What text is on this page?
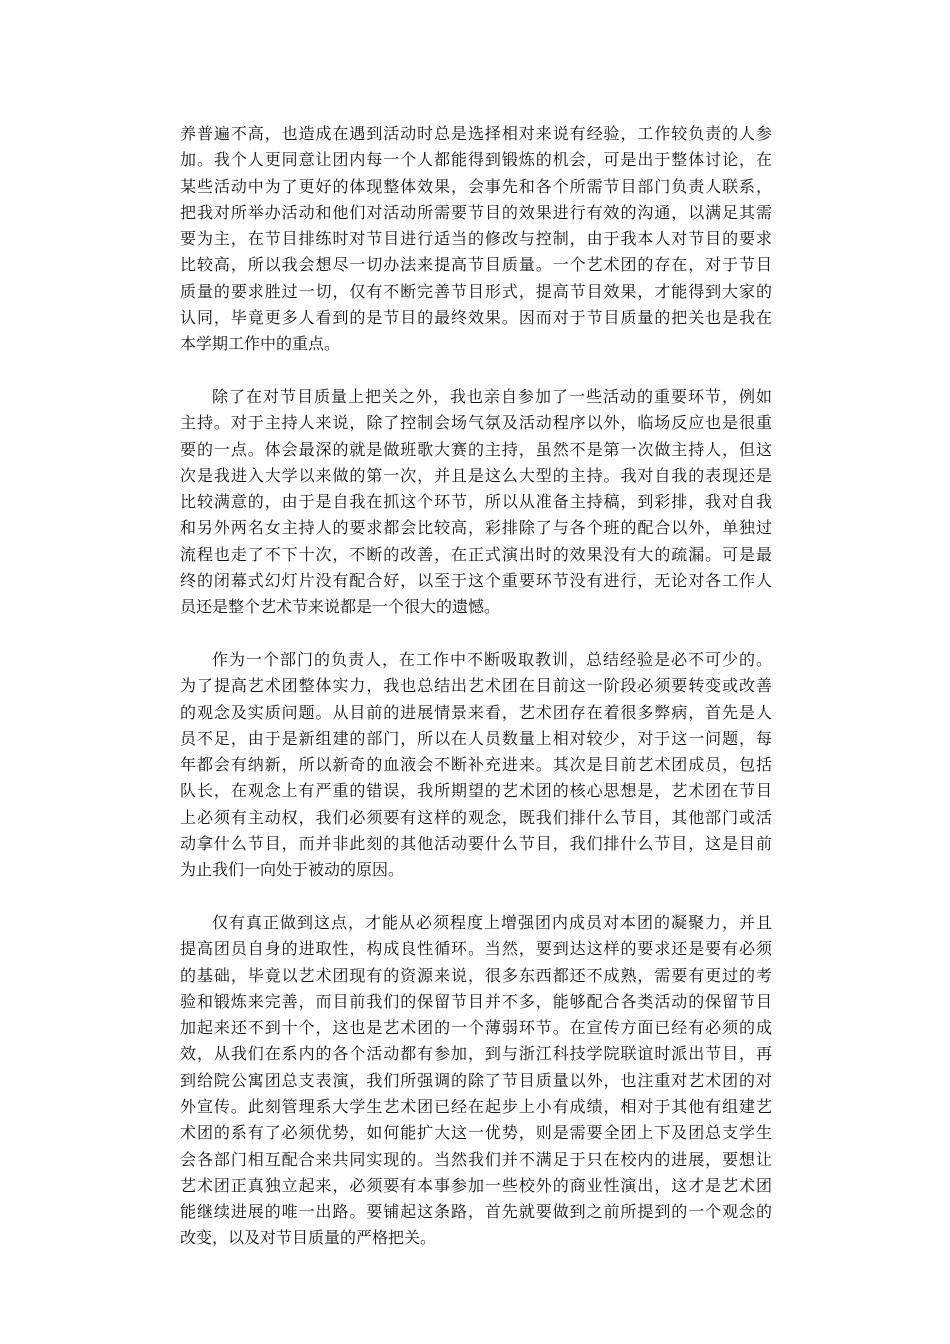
养普遍不高，也造成在遇到活动时总是选择相对来说有经验，工作较负责的人参
加。我个人更同意让团内每一个人都能得到锻炼的机会，可是出于整体讨论，在
某些活动中为了更好的体现整体效果，会事先和各个所需节目部门负责人联系，
把我对所举办活动和他们对活动所需要节目的效果进行有效的沟通，以满足其需
要为主，在节目排练时对节目进行适当的修改与控制，由于我本人对节目的要求
比较高，所以我会想尽一切办法来提高节目质量。一个艺术团的存在，对于节目
质量的要求胜过一切，仅有不断完善节目形式，提高节目效果，才能得到大家的
认同，毕竟更多人看到的是节目的最终效果。因而对于节目质量的把关也是我在
本学期工作中的重点。
除了在对节目质量上把关之外，我也亲自参加了一些活动的重要环节，例如
主持。对于主持人来说，除了控制会场气氛及活动程序以外，临场反应也是很重
要的一点。体会最深的就是做班歌大赛的主持，虽然不是第一次做主持人，但这
次是我进入大学以来做的第一次，并且是这么大型的主持。我对自我的表现还是
比较满意的，由于是自我在抓这个环节，所以从准备主持稿，到彩排，我对自我
和另外两名女主持人的要求都会比较高，彩排除了与各个班的配合以外，单独过
流程也走了不下十次，不断的改善，在正式演出时的效果没有大的疏漏。可是最
终的闭幕式幻灯片没有配合好，以至于这个重要环节没有进行，无论对各工作人
员还是整个艺术节来说都是一个很大的遗憾。
作为一个部门的负责人，在工作中不断吸取教训，总结经验是必不可少的。
为了提高艺术团整体实力，我也总结出艺术团在目前这一阶段必须要转变或改善
的观念及实质问题。从目前的进展情景来看，艺术团存在着很多弊病，首先是人
员不足，由于是新组建的部门，所以在人员数量上相对较少，对于这一问题，每
年都会有纳新，所以新奇的血液会不断补充进来。其次是目前艺术团成员，包括
队长，在观念上有严重的错误，我所期望的艺术团的核心思想是，艺术团在节目
上必须有主动权，我们必须要有这样的观念，既我们排什么节目，其他部门或活
动拿什么节目，而并非此刻的其他活动要什么节目，我们排什么节目，这是目前
为止我们一向处于被动的原因。
仅有真正做到这点，才能从必须程度上增强团内成员对本团的凝聚力，并且
提高团员自身的进取性，构成良性循环。当然，要到达这样的要求还是要有必须
的基础，毕竟以艺术团现有的资源来说，很多东西都还不成熟，需要有更过的考
验和锻炼来完善，而目前我们的保留节目并不多，能够配合各类活动的保留节目
加起来还不到十个，这也是艺术团的一个薄弱环节。在宣传方面已经有必须的成
效，从我们在系内的各个活动都有参加，到与浙江科技学院联谊时派出节目，再
到给院公寓团总支表演，我们所强调的除了节目质量以外，也注重对艺术团的对
外宣传。此刻管理系大学生艺术团已经在起步上小有成绩，相对于其他有组建艺
术团的系有了必须优势，如何能扩大这一优势，则是需要全团上下及团总支学生
会各部门相互配合来共同实现的。当然我们并不满足于只在校内的进展，要想让
艺术团正真独立起来，必须要有本事参加一些校外的商业性演出，这才是艺术团
能继续进展的唯一出路。要铺起这条路，首先就要做到之前所提到的一个观念的
改变，以及对节目质量的严格把关。
